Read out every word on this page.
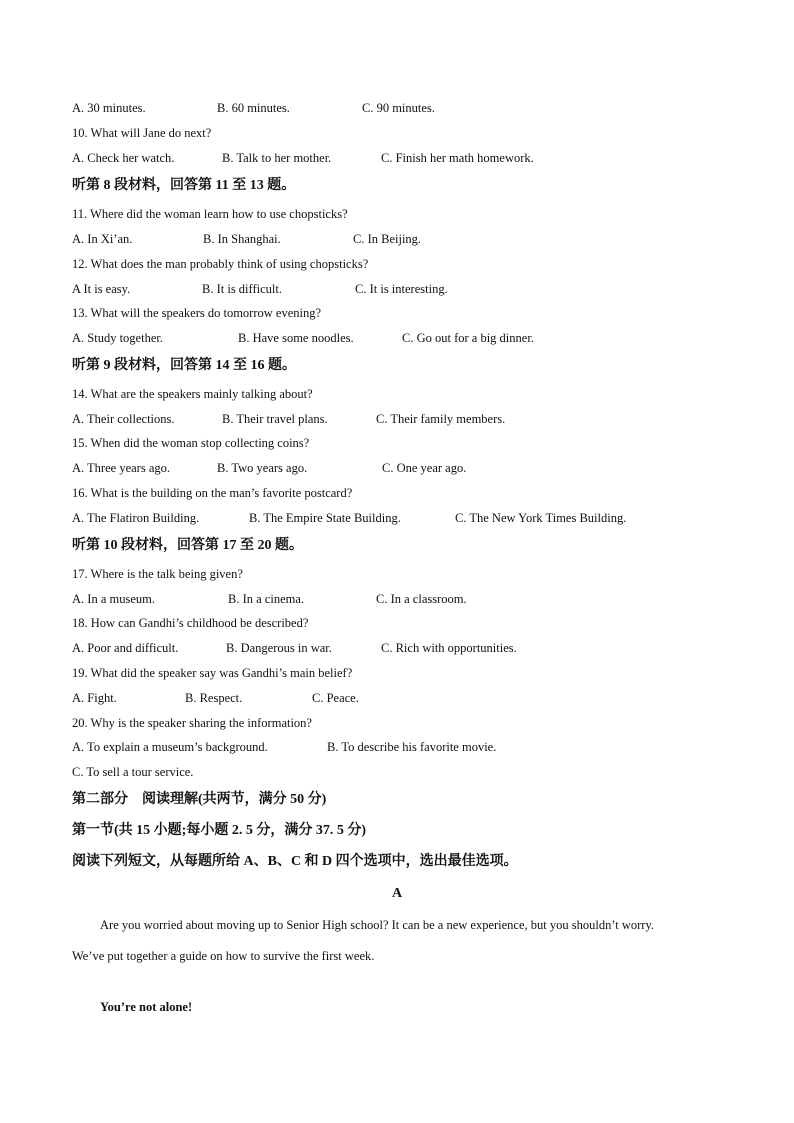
A. 30 minutes.	B. 60 minutes.	C. 90 minutes.
10. What will Jane do next?
A. Check her watch.	B. Talk to her mother.	C. Finish her math homework.
听第 8 段材料，回答第 11 至 13 题。
11. Where did the woman learn how to use chopsticks?
A. In Xi’an.	B. In Shanghai.	C. In Beijing.
12. What does the man probably think of using chopsticks?
A It is easy.	B. It is difficult.	C. It is interesting.
13. What will the speakers do tomorrow evening?
A. Study together.	B. Have some noodles.	C. Go out for a big dinner.
听第 9 段材料，回答第 14 至 16 题。
14. What are the speakers mainly talking about?
A. Their collections.	B. Their travel plans.	C. Their family members.
15. When did the woman stop collecting coins?
A. Three years ago.	B. Two years ago.	C. One year ago.
16. What is the building on the man’s favorite postcard?
A. The Flatiron Building.	B. The Empire State Building.	C. The New York Times Building.
听第 10 段材料，回答第 17 至 20 题。
17. Where is the talk being given?
A. In a museum.	B. In a cinema.	C. In a classroom.
18. How can Gandhi’s childhood be described?
A. Poor and difficult.	B. Dangerous in war.	C. Rich with opportunities.
19. What did the speaker say was Gandhi’s main belief?
A. Fight.	B. Respect.	C. Peace.
20. Why is the speaker sharing the information?
A. To explain a museum’s background.	B. To describe his favorite movie.
C. To sell a tour service.
第二部分　阅读理解(共两节，满分 50 分)
第一节(共 15 小题;每小题 2. 5 分，满分 37. 5 分)
阅读下列短文，从每题所给 A、B、C 和 D 四个选项中，选出最佳选项。
A
Are you worried about moving up to Senior High school? It can be a new experience, but you shouldn’t worry.
We’ve put together a guide on how to survive the first week.
You’re not alone!
